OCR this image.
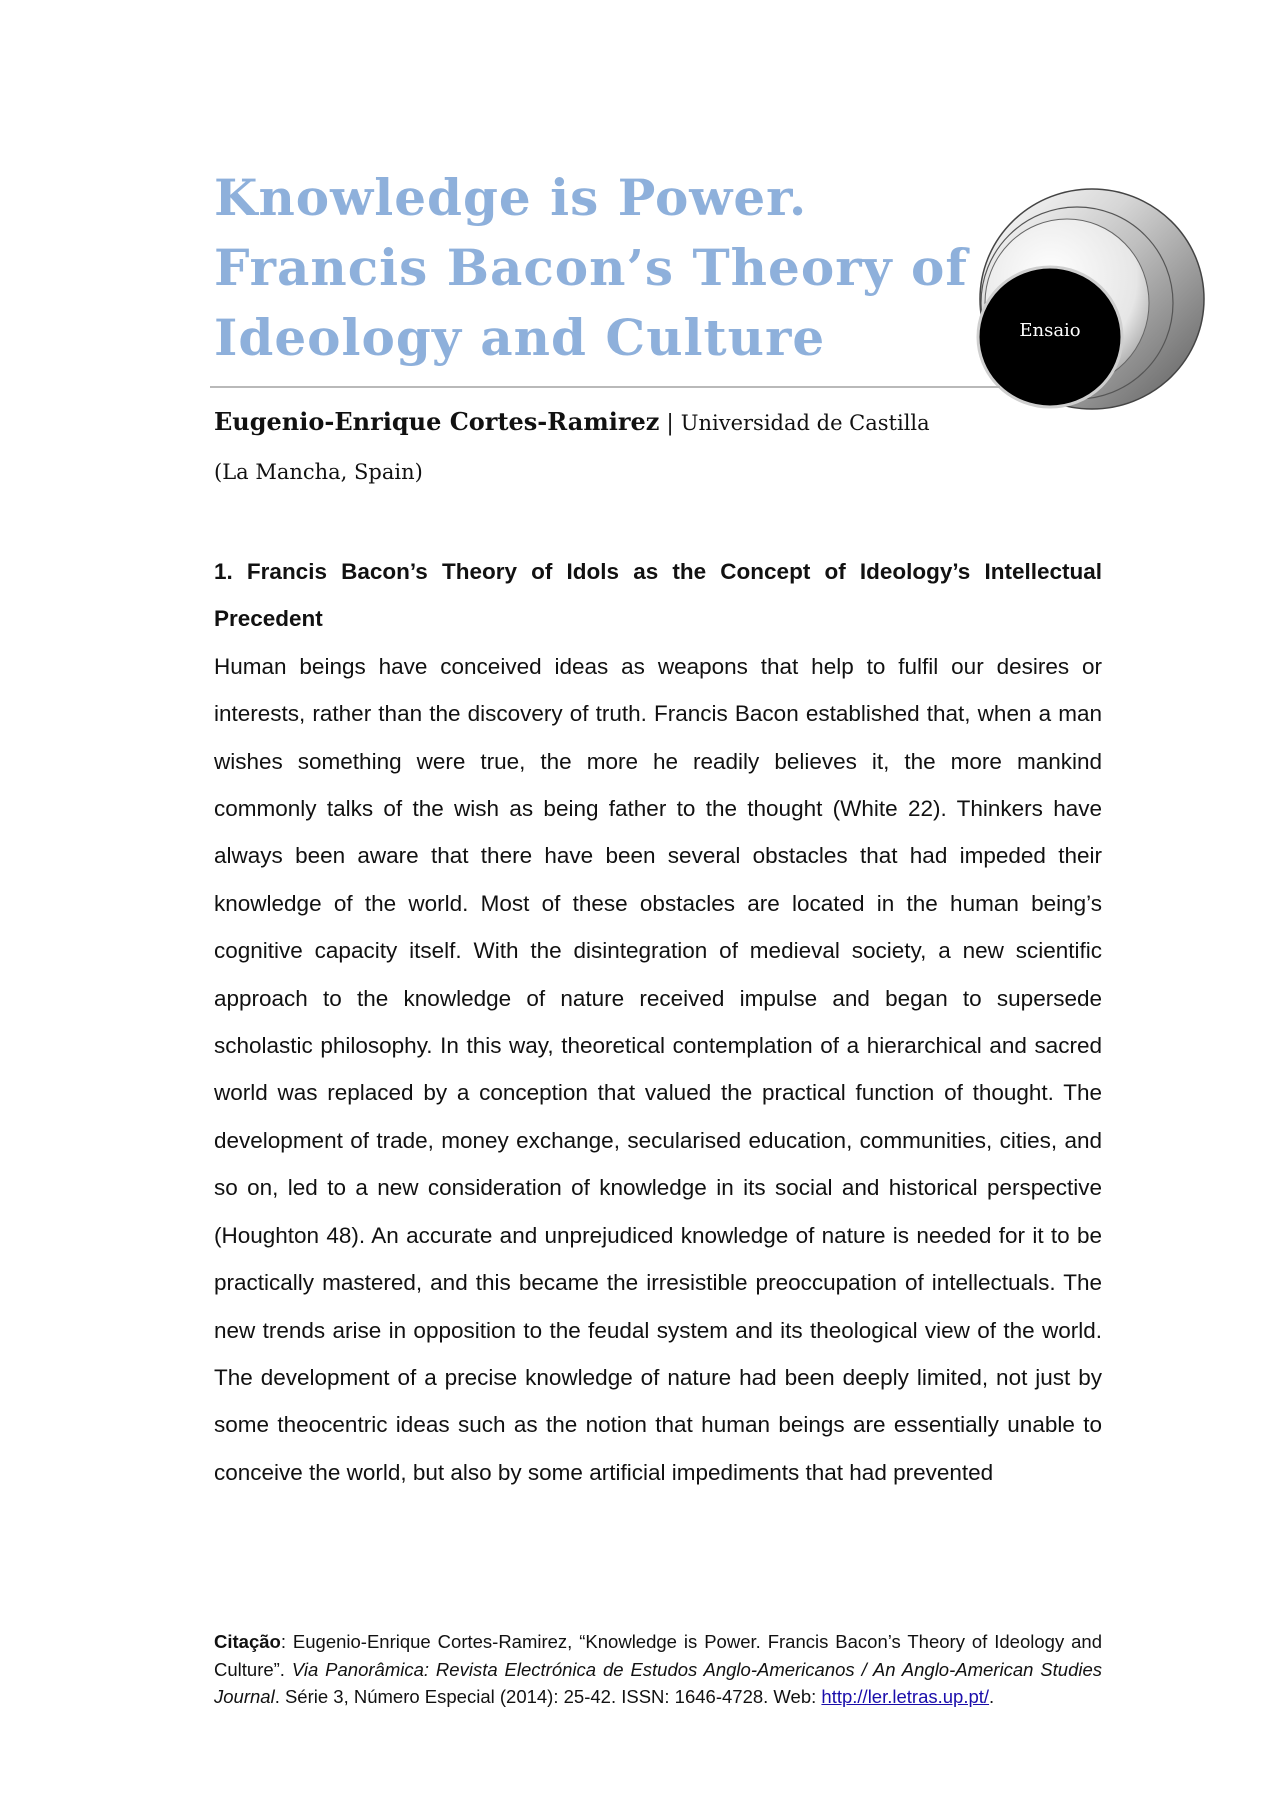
Knowledge is Power. Francis Bacon’s Theory of Ideology and Culture	Ensaio
Eugenio-Enrique Cortes-Ramirez | Universidad de Castilla
(La Mancha, Spain)
1. Francis Bacon’s Theory of Idols as the Concept of Ideology’s Intellectual Precedent

Human beings have conceived ideas as weapons that help to fulfil our desires or interests, rather than the discovery of truth. Francis Bacon established that, when a man wishes something were true, the more he readily believes it, the more mankind commonly talks of the wish as being father to the thought (White 22). Thinkers have always been aware that there have been several obstacles that had impeded their knowledge of the world. Most of these obstacles are located in the human being’s cognitive capacity itself. With the disintegration of medieval society, a new scientific approach to the knowledge of nature received impulse and began to supersede scholastic philosophy. In this way, theoretical contemplation of a hierarchical and sacred world was replaced by a conception that valued the practical function of thought. The development of trade, money exchange, secularised education, communities, cities, and so on, led to a new consideration of knowledge in its social and historical perspective (Houghton 48). An accurate and unprejudiced knowledge of nature is needed for it to be practically mastered, and this became the irresistible preoccupation of intellectuals. The new trends arise in opposition to the feudal system and its theological view of the world. The development of a precise knowledge of nature had been deeply limited, not just by some theocentric ideas such as the notion that human beings are essentially unable to conceive the world, but also by some artificial impediments that had prevented

Citação: Eugenio-Enrique Cortes-Ramirez, “Knowledge is Power. Francis Bacon’s Theory of Ideology and Culture”. Via Panorâmica: Revista Electrónica de Estudos Anglo-Americanos / An Anglo-American Studies Journal. Série 3, Número Especial (2014): 25-42. ISSN: 1646-4728. Web: http://ler.letras.up.pt/.
